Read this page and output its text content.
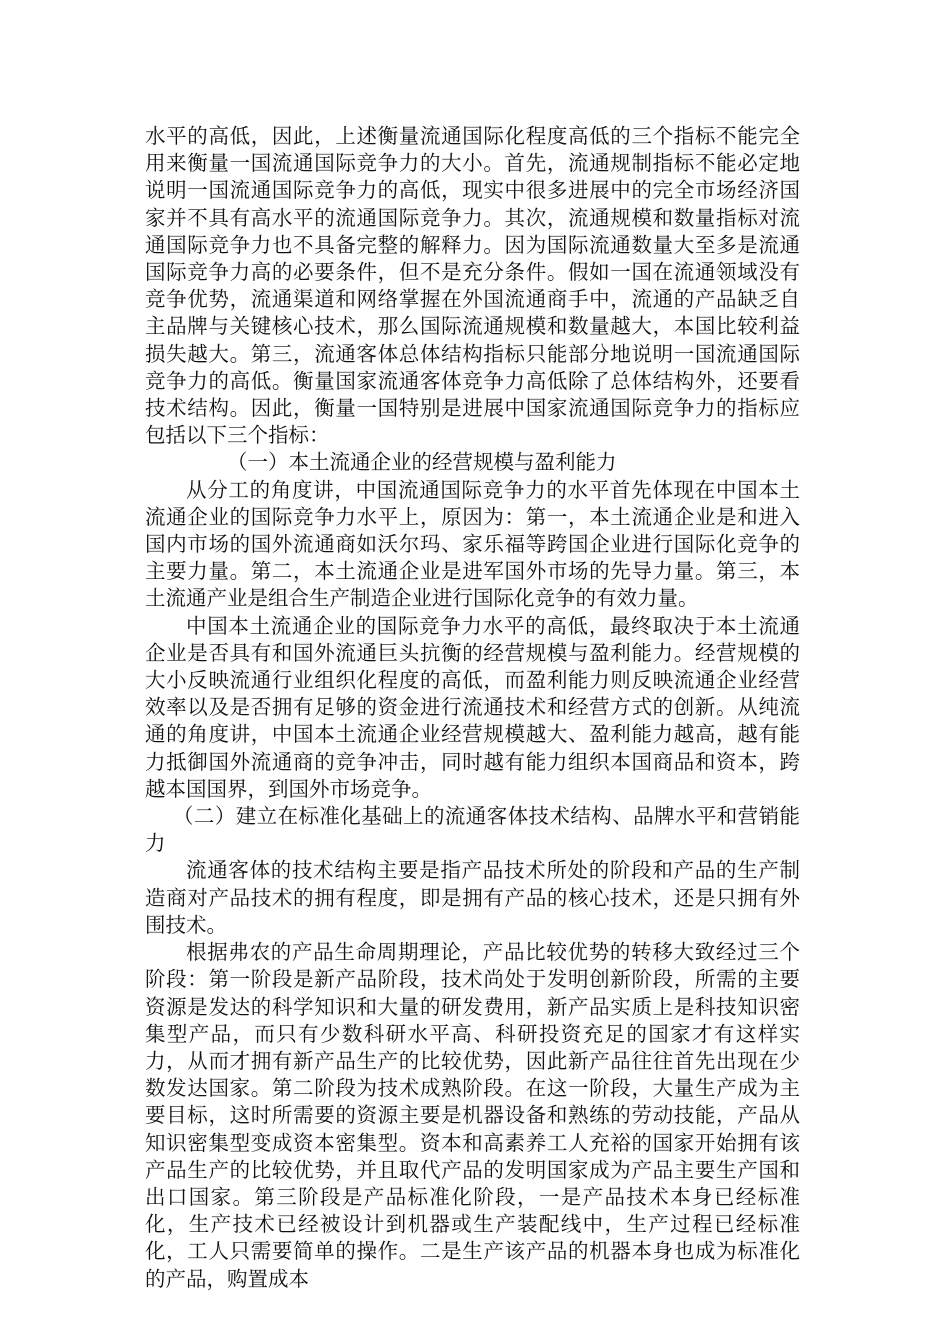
水平的高低，因此，上述衡量流通国际化程度高低的三个指标不能完全用来衡量一国流通国际竞争力的大小。首先，流通规制指标不能必定地说明一国流通国际竞争力的高低，现实中很多进展中的完全市场经济国家并不具有高水平的流通国际竞争力。其次，流通规模和数量指标对流通国际竞争力也不具备完整的解释力。因为国际流通数量大至多是流通国际竞争力高的必要条件，但不是充分条件。假如一国在流通领域没有竞争优势，流通渠道和网络掌握在外国流通商手中，流通的产品缺乏自主品牌与关键核心技术，那么国际流通规模和数量越大，本国比较利益损失越大。第三，流通客体总体结构指标只能部分地说明一国流通国际竞争力的高低。衡量国家流通客体竞争力高低除了总体结构外，还要看技术结构。因此，衡量一国特别是进展中国家流通国际竞争力的指标应包括以下三个指标：

（一）本土流通企业的经营规模与盈利能力

从分工的角度讲，中国流通国际竞争力的水平首先体现在中国本土流通企业的国际竞争力水平上，原因为：第一，本土流通企业是和进入国内市场的国外流通商如沃尔玛、家乐福等跨国企业进行国际化竞争的主要力量。第二，本土流通企业是进军国外市场的先导力量。第三，本土流通产业是组合生产制造企业进行国际化竞争的有效力量。

中国本土流通企业的国际竞争力水平的高低，最终取决于本土流通企业是否具有和国外流通巨头抗衡的经营规模与盈利能力。经营规模的大小反映流通行业组织化程度的高低，而盈利能力则反映流通企业经营效率以及是否拥有足够的资金进行流通技术和经营方式的创新。从纯流通的角度讲，中国本土流通企业经营规模越大、盈利能力越高，越有能力抵御国外流通商的竞争冲击，同时越有能力组织本国商品和资本，跨越本国国界，到国外市场竞争。

（二）建立在标准化基础上的流通客体技术结构、品牌水平和营销能力

流通客体的技术结构主要是指产品技术所处的阶段和产品的生产制造商对产品技术的拥有程度，即是拥有产品的核心技术，还是只拥有外围技术。

根据弗农的产品生命周期理论，产品比较优势的转移大致经过三个阶段：第一阶段是新产品阶段，技术尚处于发明创新阶段，所需的主要资源是发达的科学知识和大量的研发费用，新产品实质上是科技知识密集型产品，而只有少数科研水平高、科研投资充足的国家才有这样实力，从而才拥有新产品生产的比较优势，因此新产品往往首先出现在少数发达国家。第二阶段为技术成熟阶段。在这一阶段，大量生产成为主要目标，这时所需要的资源主要是机器设备和熟练的劳动技能，产品从知识密集型变成资本密集型。资本和高素养工人充裕的国家开始拥有该产品生产的比较优势，并且取代产品的发明国家成为产品主要生产国和出口国家。第三阶段是产品标准化阶段，一是产品技术本身已经标准化，生产技术已经被设计到机器或生产装配线中，生产过程已经标准化，工人只需要简单的操作。二是生产该产品的机器本身也成为标准化的产品，购置成本
